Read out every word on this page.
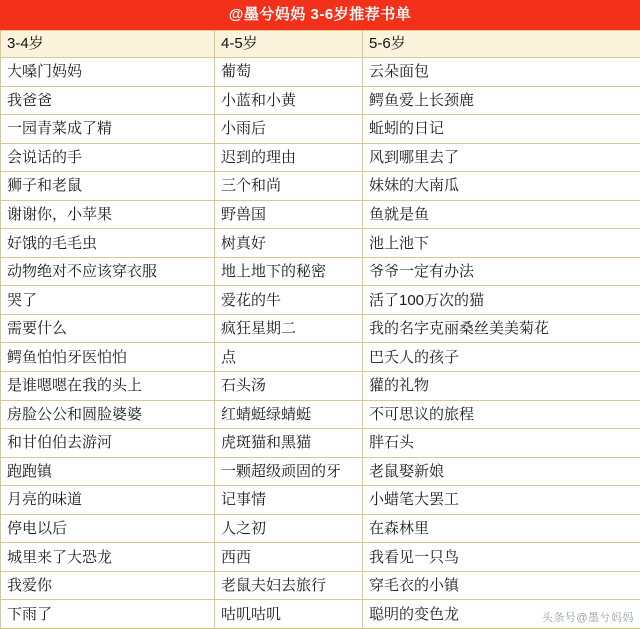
@墨兮妈妈 3-6岁推荐书单
3-4岁	4-5岁	5-6岁
大嗓门妈妈	葡萄	云朵面包
我爸爸	小蓝和小黄	鳄鱼爱上长颈鹿
一园青菜成了精	小雨后	蚯蚓的日记
会说话的手	迟到的理由	风到哪里去了
狮子和老鼠	三个和尚	妹妹的大南瓜
谢谢你，小苹果	野兽国	鱼就是鱼
好饿的毛毛虫	树真好	池上池下
动物绝对不应该穿衣服	地上地下的秘密	爷爷一定有办法
哭了	爱花的牛	活了100万次的猫
需要什么	疯狂星期二	我的名字克丽桑丝美美菊花
鳄鱼怕怕牙医怕怕	点	巴夭人的孩子
是谁嗯嗯在我的头上	石头汤	獾的礼物
房脸公公和圆脸婆婆	红蜻蜓绿蜻蜓	不可思议的旅程
和甘伯伯去游河	虎斑猫和黑猫	胖石头
跑跑镇	一颗超级顽固的牙	老鼠娶新娘
月亮的味道	记事情	小蜡笔大罢工
停电以后	人之初	在森林里
城里来了大恐龙	西西	我看见一只鸟
我爱你	老鼠夫妇去旅行	穿毛衣的小镇
下雨了	咕叽咕叽	聪明的变色龙	头条号@墨兮妈妈
